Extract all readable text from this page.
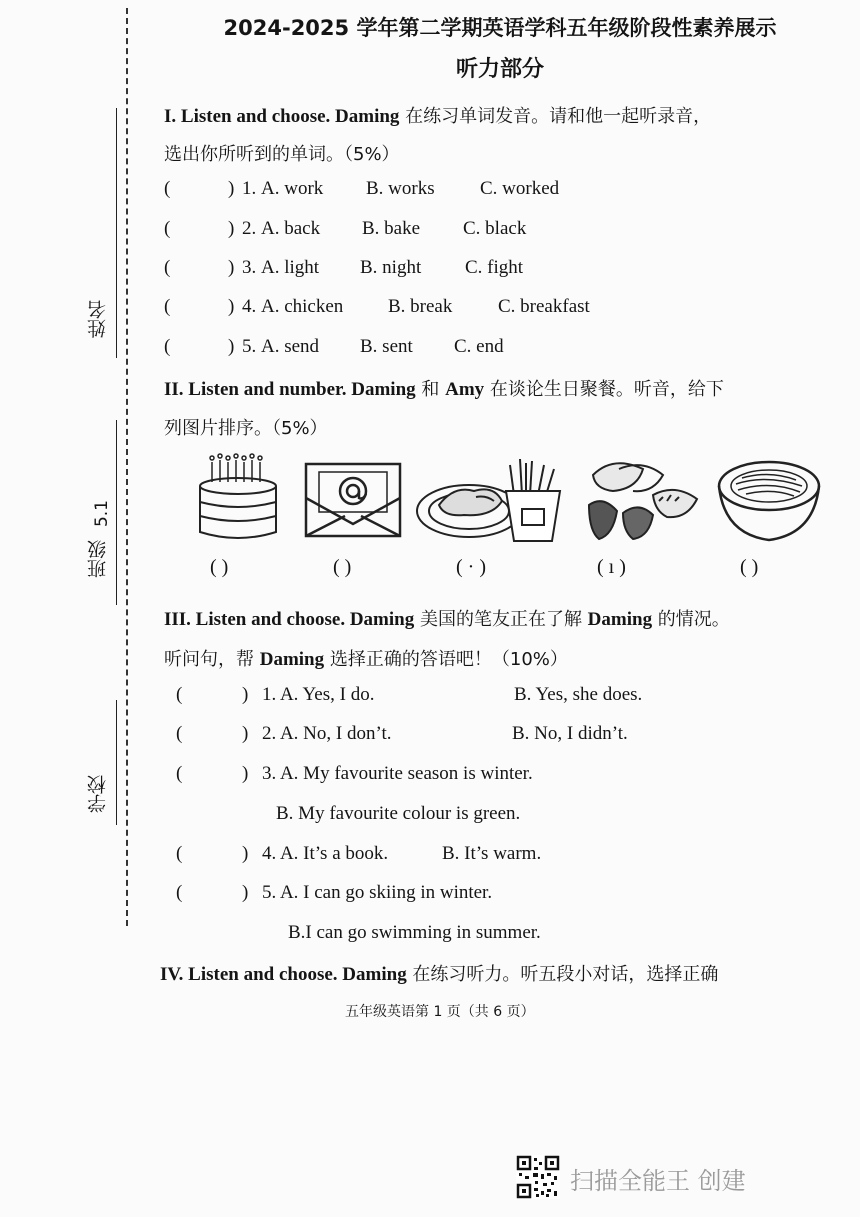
姓名
班级
5.1
学校
2024-2025 学年第二学期英语学科五年级阶段性素养展示
听力部分
I. Listen and choose. Daming 在练习单词发音。请和他一起听录音，
选出你所听到的单词。（5%）
(	) 1. A. work B. works C. worked
(	) 2. A. back B. bake C. black
(	) 3. A. light B. night C. fight
(	) 4. A. chicken B. break C. breakfast
(	) 5. A. send B. sent C. end
II. Listen and number. Daming 和 Amy 在谈论生日聚餐。听音，给下
列图片排序。（5%）
( )	( )	( · )	( ı )	( )
III. Listen and choose. Daming 美国的笔友正在了解 Daming 的情况。
听问句，帮 Daming 选择正确的答语吧！（10%）
(	) 1. A. Yes, I do.	B. Yes, she does.
(	) 2. A. No, I don’t.	B. No, I didn’t.
(	) 3. A. My favourite season is winter.
B. My favourite colour is green.
(	) 4. A. It’s a book.	B. It’s warm.
(	) 5. A. I can go skiing in winter.
B.I can go swimming in summer.
IV. Listen and choose. Daming 在练习听力。听五段小对话，选择正确
五年级英语第 1 页（共 6 页）
扫描全能王 创建
